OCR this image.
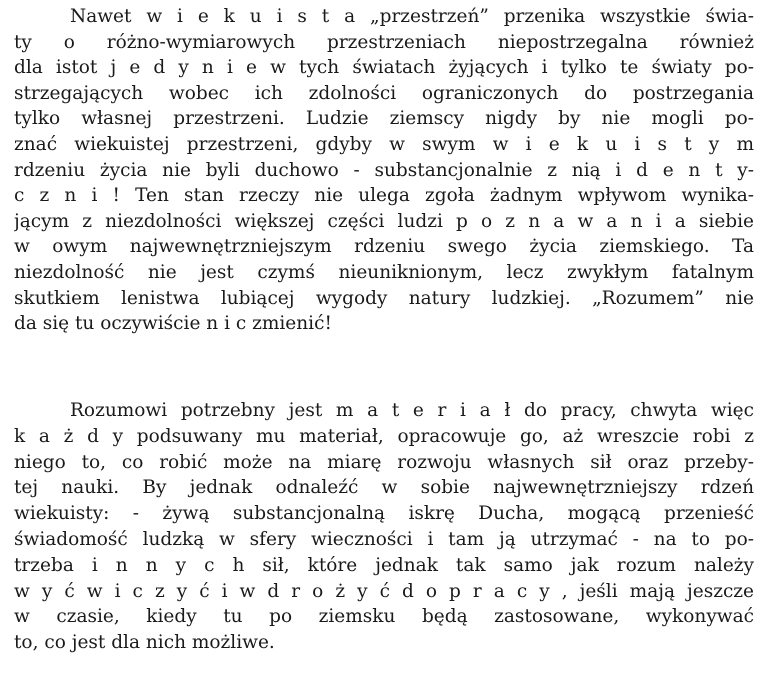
Nawet w i e k u i s t a „przestrzeń” przenika wszystkie świa-
ty o różno-wymiarowych przestrzeniach niepostrzegalna również
dla istot j e d y n i e w tych światach żyjących i tylko te światy po-
strzegających wobec ich zdolności ograniczonych do postrzegania
tylko własnej przestrzeni. Ludzie ziemscy nigdy by nie mogli po-
znać wiekuistej przestrzeni, gdyby w swym w i e k u i s t y m
rdzeniu życia nie byli duchowo - substancjonalnie z nią i d e n t y-
c z n i ! Ten stan rzeczy nie ulega zgoła żadnym wpływom wynika-
jącym z niezdolności większej części ludzi p o z n a w a n i a siebie
w owym najwewnętrzniejszym rdzeniu swego życia ziemskiego. Ta
niezdolność nie jest czymś nieuniknionym, lecz zwykłym fatalnym
skutkiem lenistwa lubiącej wygody natury ludzkiej. „Rozumem” nie
da się tu oczywiście n i c zmienić!
Rozumowi potrzebny jest m a t e r i a ł do pracy, chwyta więc
k a ż d y podsuwany mu materiał, opracowuje go, aż wreszcie robi z
niego to, co robić może na miarę rozwoju własnych sił oraz przeby-
tej nauki. By jednak odnaleźć w sobie najwewnętrzniejszy rdzeń
wiekuisty: - żywą substancjonalną iskrę Ducha, mogącą przenieść
świadomość ludzką w sfery wieczności i tam ją utrzymać - na to po-
trzeba i n n y c h sił, które jednak tak samo jak rozum należy
w y ć w i c z y ć i w d r o ż y ć d o p r a c y , jeśli mają jeszcze
w czasie, kiedy tu po ziemsku będą zastosowane, wykonywać
to, co jest dla nich możliwe.
